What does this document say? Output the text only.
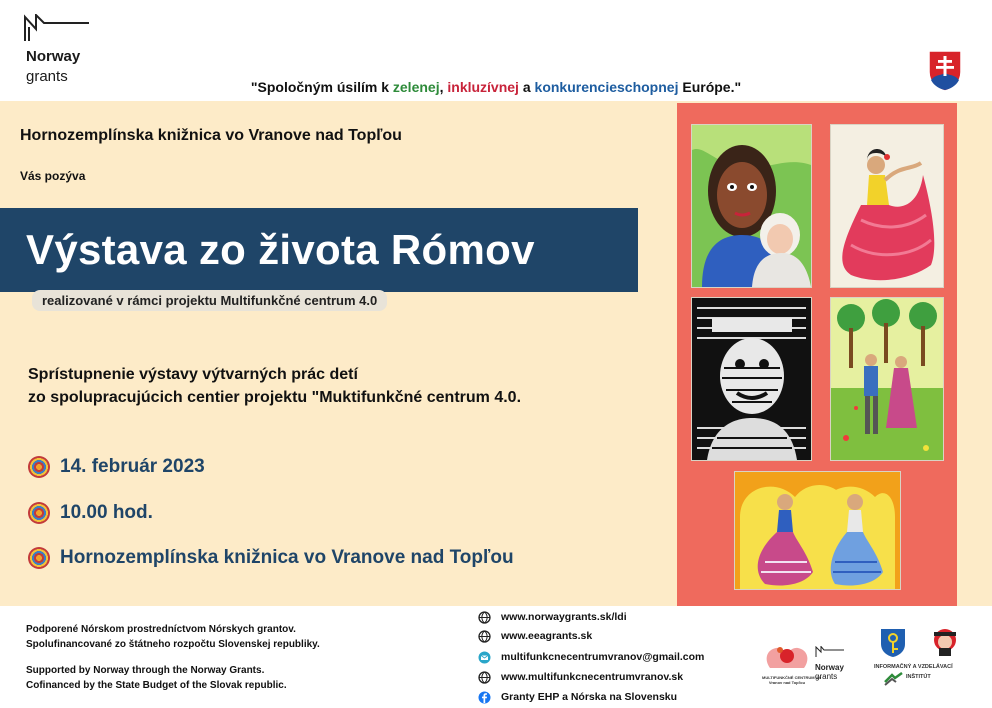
Norway
grants
"Spoločným úsilím k zelenej, inkluzívnej a konkurencieschopnej Európe."
Hornozemplínska knižnica vo Vranove nad Topľou
Vás pozýva
Výstava zo života Rómov
realizované v rámci projektu Multifunkčné centrum 4.0
Sprístupnenie výstavy výtvarných prác detí
zo spolupracujúcich centier projektu "Muktifunkčné centrum 4.0.
14. február 2023
10.00 hod.
Hornozemplínska knižnica vo Vranove nad Topľou
Podporené Nórskom prostredníctvom Nórskych grantov.
Spolufinancované zo štátneho rozpočtu Slovenskej republiky.
Supported by Norway through the Norway Grants.
Cofinanced by the State Budget of the Slovak republic.
www.norwaygrants.sk/ldi
www.eeagrants.sk
multifunkcnecentrumvranov@gmail.com
www.multifunkcnecentrumvranov.sk
Granty EHP a Nórska na Slovensku
MULTIFUNKČNÉ CENTRUM 4.0
Vranov nad Topľou
Norway
grants
INFORMAČNÝ A VZDELÁVACÍ
INŠTITÚT
